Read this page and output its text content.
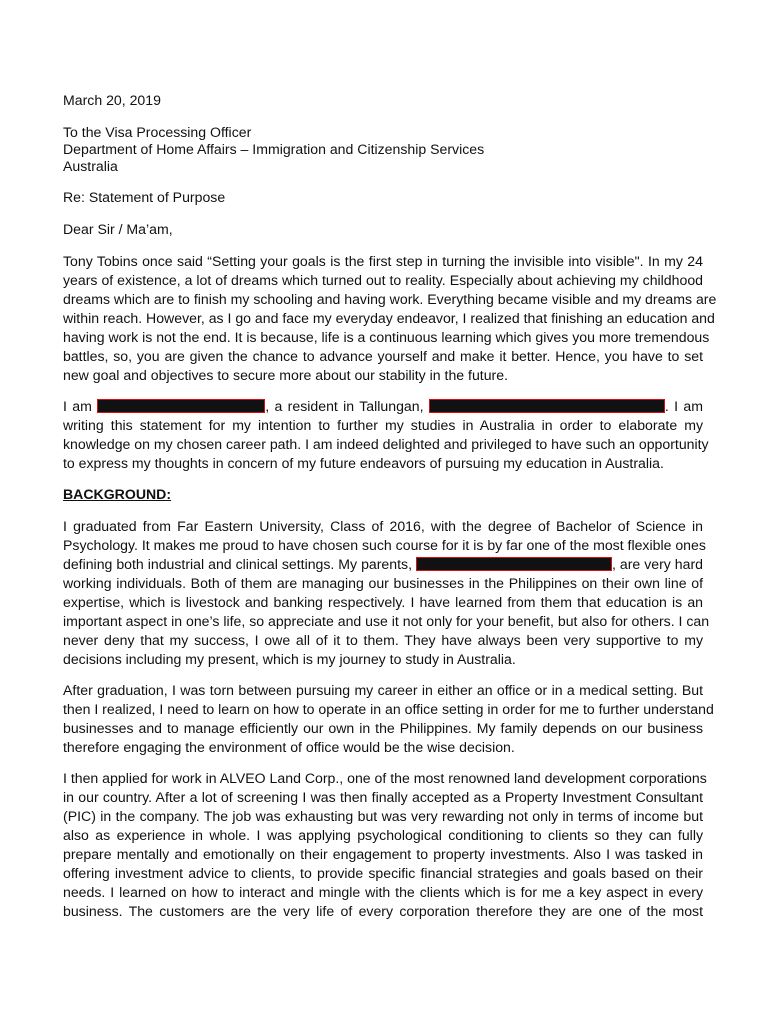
March 20, 2019
To the Visa Processing Officer
Department of Home Affairs – Immigration and Citizenship Services
Australia
Re: Statement of Purpose
Dear Sir / Ma’am,
Tony Tobins once said “Setting your goals is the first step in turning the invisible into visible". In my 24
years of existence, a lot of dreams which turned out to reality. Especially about achieving my childhood
dreams which are to finish my schooling and having work. Everything became visible and my dreams are
within reach. However, as I go and face my everyday endeavor, I realized that finishing an education and
having work is not the end. It is because, life is a continuous learning which gives you more tremendous
battles, so, you are given the chance to advance yourself and make it better. Hence, you have to set
new goal and objectives to secure more about our stability in the future.
I am	, a resident in Tallungan,	. I am
writing this statement for my intention to further my studies in Australia in order to elaborate my
knowledge on my chosen career path. I am indeed delighted and privileged to have such an opportunity
to express my thoughts in concern of my future endeavors of pursuing my education in Australia.
BACKGROUND:
I graduated from Far Eastern University, Class of 2016, with the degree of Bachelor of Science in
Psychology. It makes me proud to have chosen such course for it is by far one of the most flexible ones
defining both industrial and clinical settings. My parents,	, are very hard
working individuals. Both of them are managing our businesses in the Philippines on their own line of
expertise, which is livestock and banking respectively. I have learned from them that education is an
important aspect in one’s life, so appreciate and use it not only for your benefit, but also for others. I can
never deny that my success, I owe all of it to them. They have always been very supportive to my
decisions including my present, which is my journey to study in Australia.
After graduation, I was torn between pursuing my career in either an office or in a medical setting. But
then I realized, I need to learn on how to operate in an office setting in order for me to further understand
businesses and to manage efficiently our own in the Philippines. My family depends on our business
therefore engaging the environment of office would be the wise decision.
I then applied for work in ALVEO Land Corp., one of the most renowned land development corporations
in our country. After a lot of screening I was then finally accepted as a Property Investment Consultant
(PIC) in the company. The job was exhausting but was very rewarding not only in terms of income but
also as experience in whole. I was applying psychological conditioning to clients so they can fully
prepare mentally and emotionally on their engagement to property investments. Also I was tasked in
offering investment advice to clients, to provide specific financial strategies and goals based on their
needs. I learned on how to interact and mingle with the clients which is for me a key aspect in every
business. The customers are the very life of every corporation therefore they are one of the most
